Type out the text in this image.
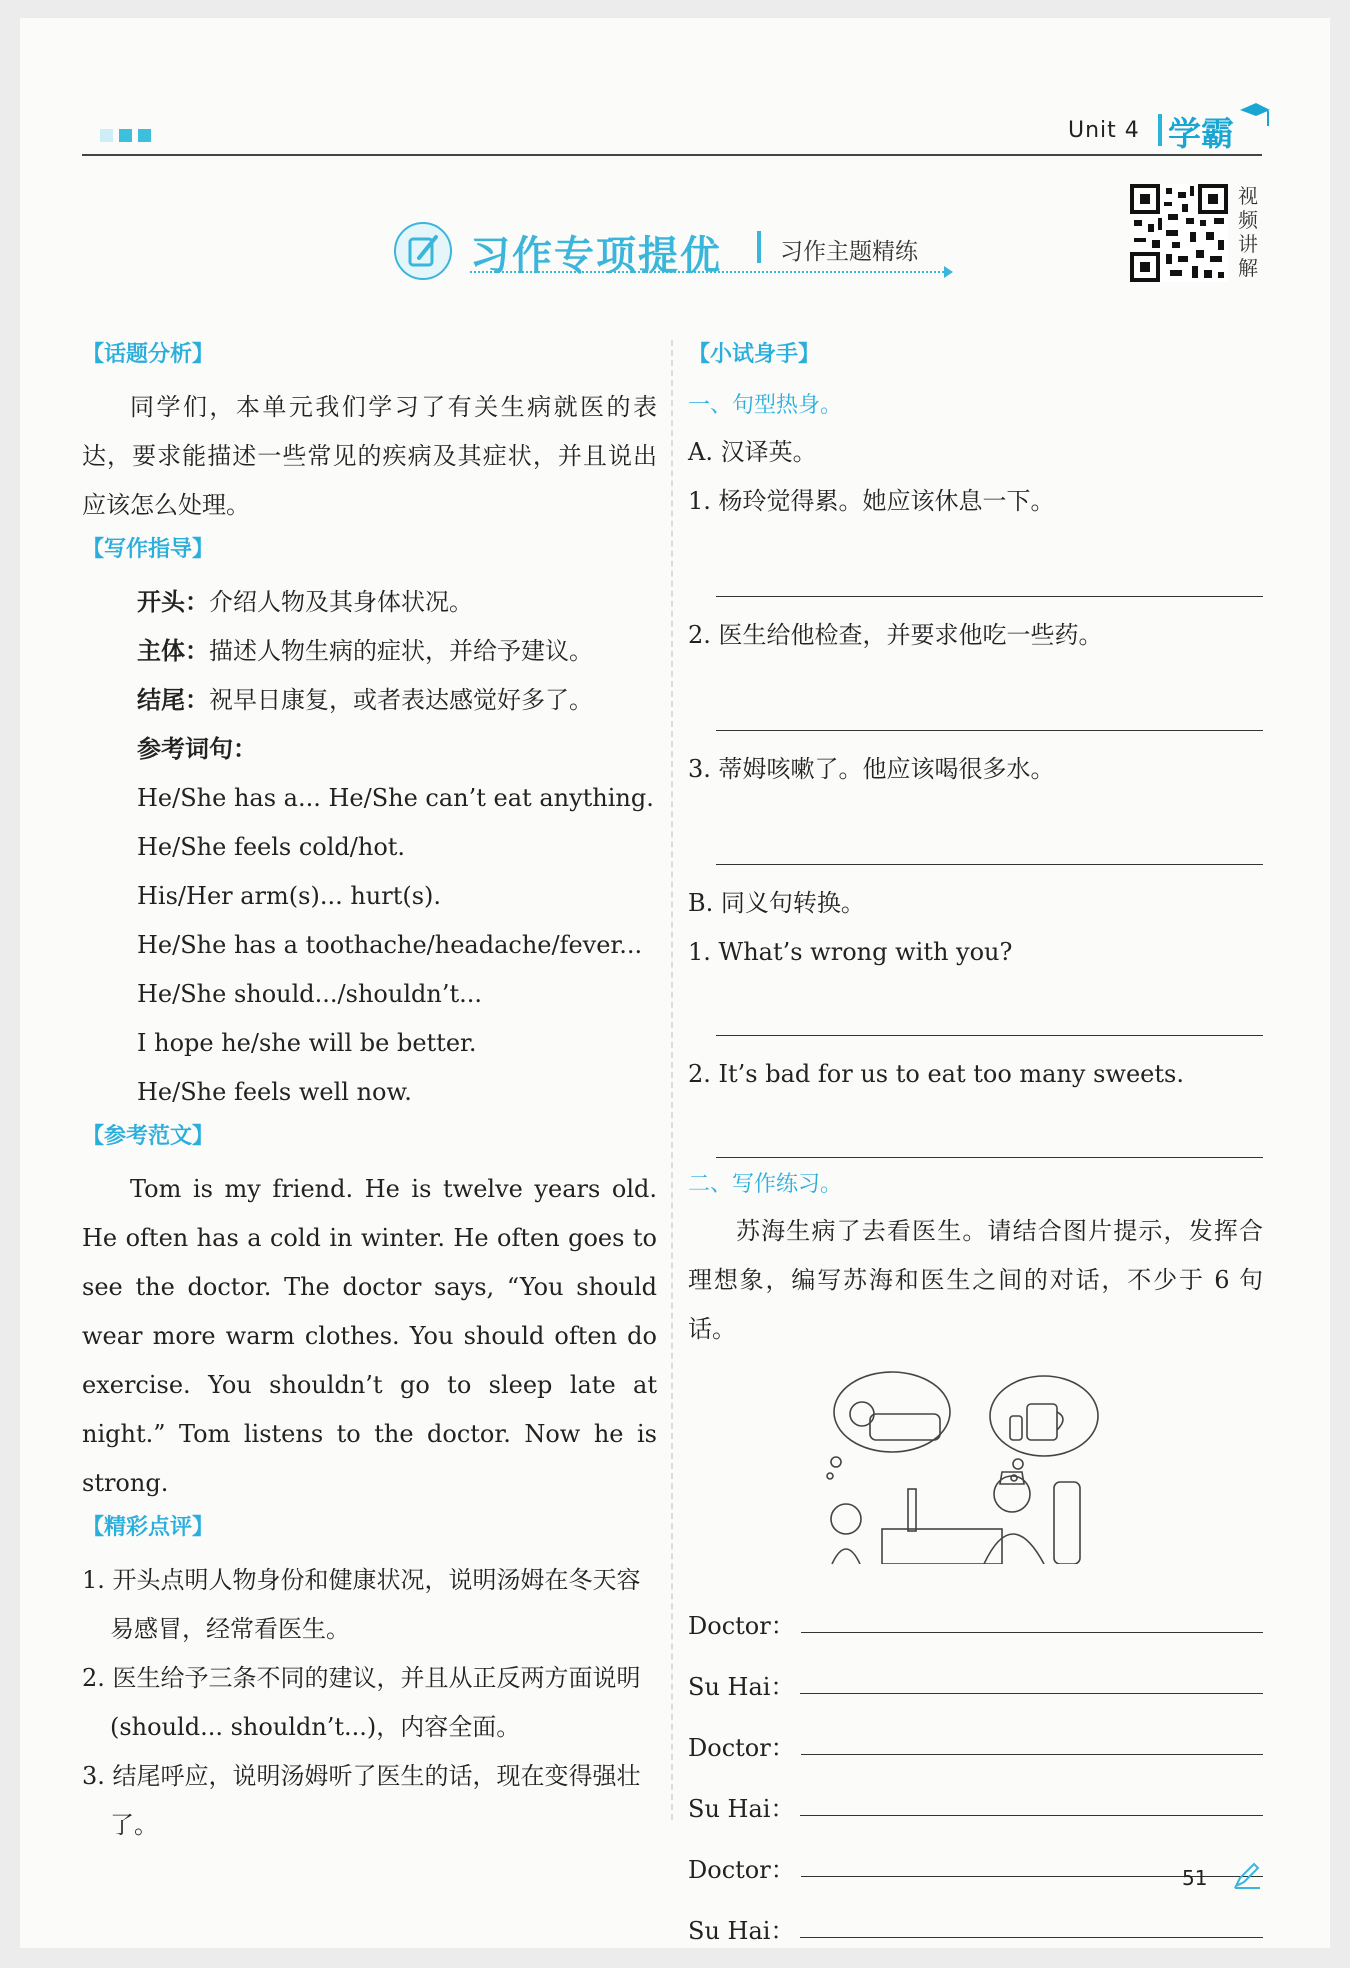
Unit 4 学霸
习作专项提优	习作主题精练
视频讲解
【话题分析】
同学们，本单元我们学习了有关生病就医的表达，要求能描述一些常见的疾病及其症状，并且说出应该怎么处理。
【写作指导】
开头：介绍人物及其身体状况。
主体：描述人物生病的症状，并给予建议。
结尾：祝早日康复，或者表达感觉好多了。
参考词句：
He/She has a... He/She can’t eat anything.
He/She feels cold/hot.
His/Her arm(s)... hurt(s).
He/She has a toothache/headache/fever...
He/She should.../shouldn’t...
I hope he/she will be better.
He/She feels well now.
【参考范文】
Tom is my friend. He is twelve years old.
He often has a cold in winter. He often goes to
see the doctor. The doctor says, “You should
wear more warm clothes. You should often do
exercise. You shouldn’t go to sleep late at
night.” Tom listens to the doctor. Now he is
strong.
【精彩点评】
1. 开头点明人物身份和健康状况，说明汤姆在冬天容易感冒，经常看医生。
2. 医生给予三条不同的建议，并且从正反两方面说明(should... shouldn’t...)，内容全面。
3. 结尾呼应，说明汤姆听了医生的话，现在变得强壮了。
【小试身手】
一、句型热身。
A. 汉译英。
1. 杨玲觉得累。她应该休息一下。
2. 医生给他检查，并要求他吃一些药。
3. 蒂姆咳嗽了。他应该喝很多水。
B. 同义句转换。
1. What’s wrong with you?
2. It’s bad for us to eat too many sweets.
二、写作练习。
苏海生病了去看医生。请结合图片提示，发挥合理想象，编写苏海和医生之间的对话，不少于 6 句话。
Doctor：
Su Hai：
Doctor：
Su Hai：
Doctor：
Su Hai：
51
